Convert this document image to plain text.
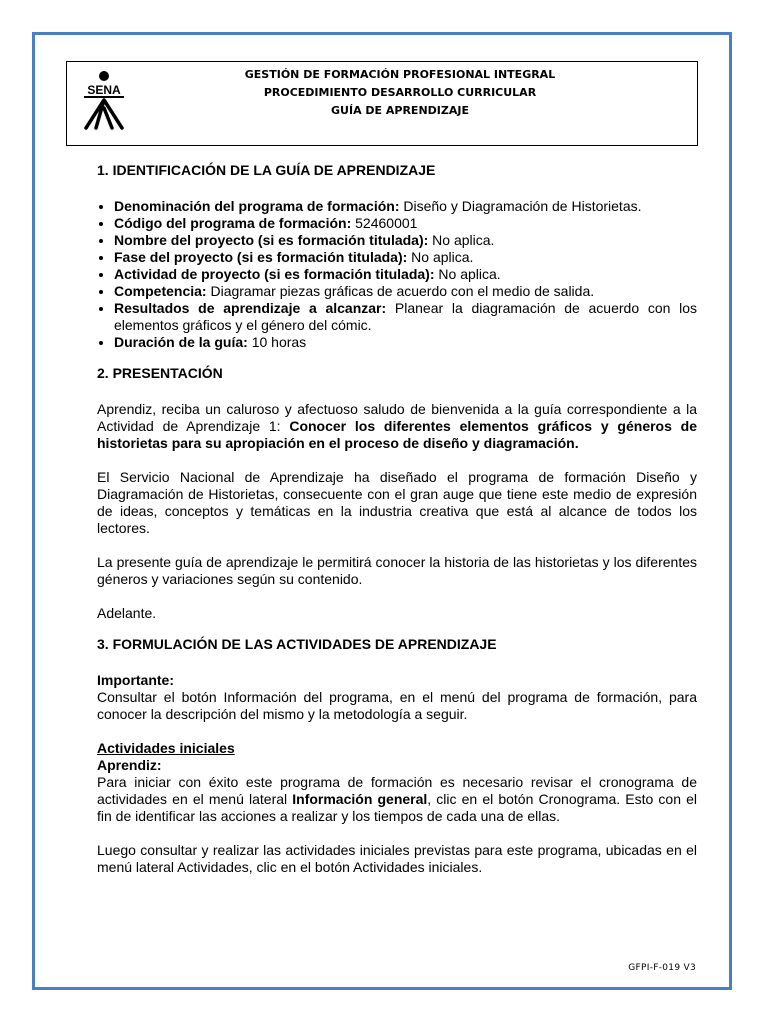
SENA
GESTIÓN DE FORMACIÓN PROFESIONAL INTEGRAL
PROCEDIMIENTO DESARROLLO CURRICULAR
GUÍA DE APRENDIZAJE
1. IDENTIFICACIÓN DE LA GUÍA DE APRENDIZAJE
• Denominación del programa de formación: Diseño y Diagramación de Historietas.
• Código del programa de formación: 52460001
• Nombre del proyecto (si es formación titulada): No aplica.
• Fase del proyecto (si es formación titulada): No aplica.
• Actividad de proyecto (si es formación titulada): No aplica.
• Competencia: Diagramar piezas gráficas de acuerdo con el medio de salida.
• Resultados de aprendizaje a alcanzar: Planear la diagramación de acuerdo con los elementos gráficos y el género del cómic.
• Duración de la guía: 10 horas
2. PRESENTACIÓN

Aprendiz, reciba un caluroso y afectuoso saludo de bienvenida a la guía correspondiente a la Actividad de Aprendizaje 1: Conocer los diferentes elementos gráficos y géneros de historietas para su apropiación en el proceso de diseño y diagramación.

El Servicio Nacional de Aprendizaje ha diseñado el programa de formación Diseño y Diagramación de Historietas, consecuente con el gran auge que tiene este medio de expresión de ideas, conceptos y temáticas en la industria creativa que está al alcance de todos los lectores.

La presente guía de aprendizaje le permitirá conocer la historia de las historietas y los diferentes géneros y variaciones según su contenido.

Adelante.

3. FORMULACIÓN DE LAS ACTIVIDADES DE APRENDIZAJE
Importante:

Consultar el botón Información del programa, en el menú del programa de formación, para conocer la descripción del mismo y la metodología a seguir.

Actividades iniciales
Aprendiz:

Para iniciar con éxito este programa de formación es necesario revisar el cronograma de actividades en el menú lateral Información general, clic en el botón Cronograma. Esto con el fin de identificar las acciones a realizar y los tiempos de cada una de ellas.

Luego consultar y realizar las actividades iniciales previstas para este programa, ubicadas en el menú lateral Actividades, clic en el botón Actividades iniciales.

GFPI-F-019 V3
